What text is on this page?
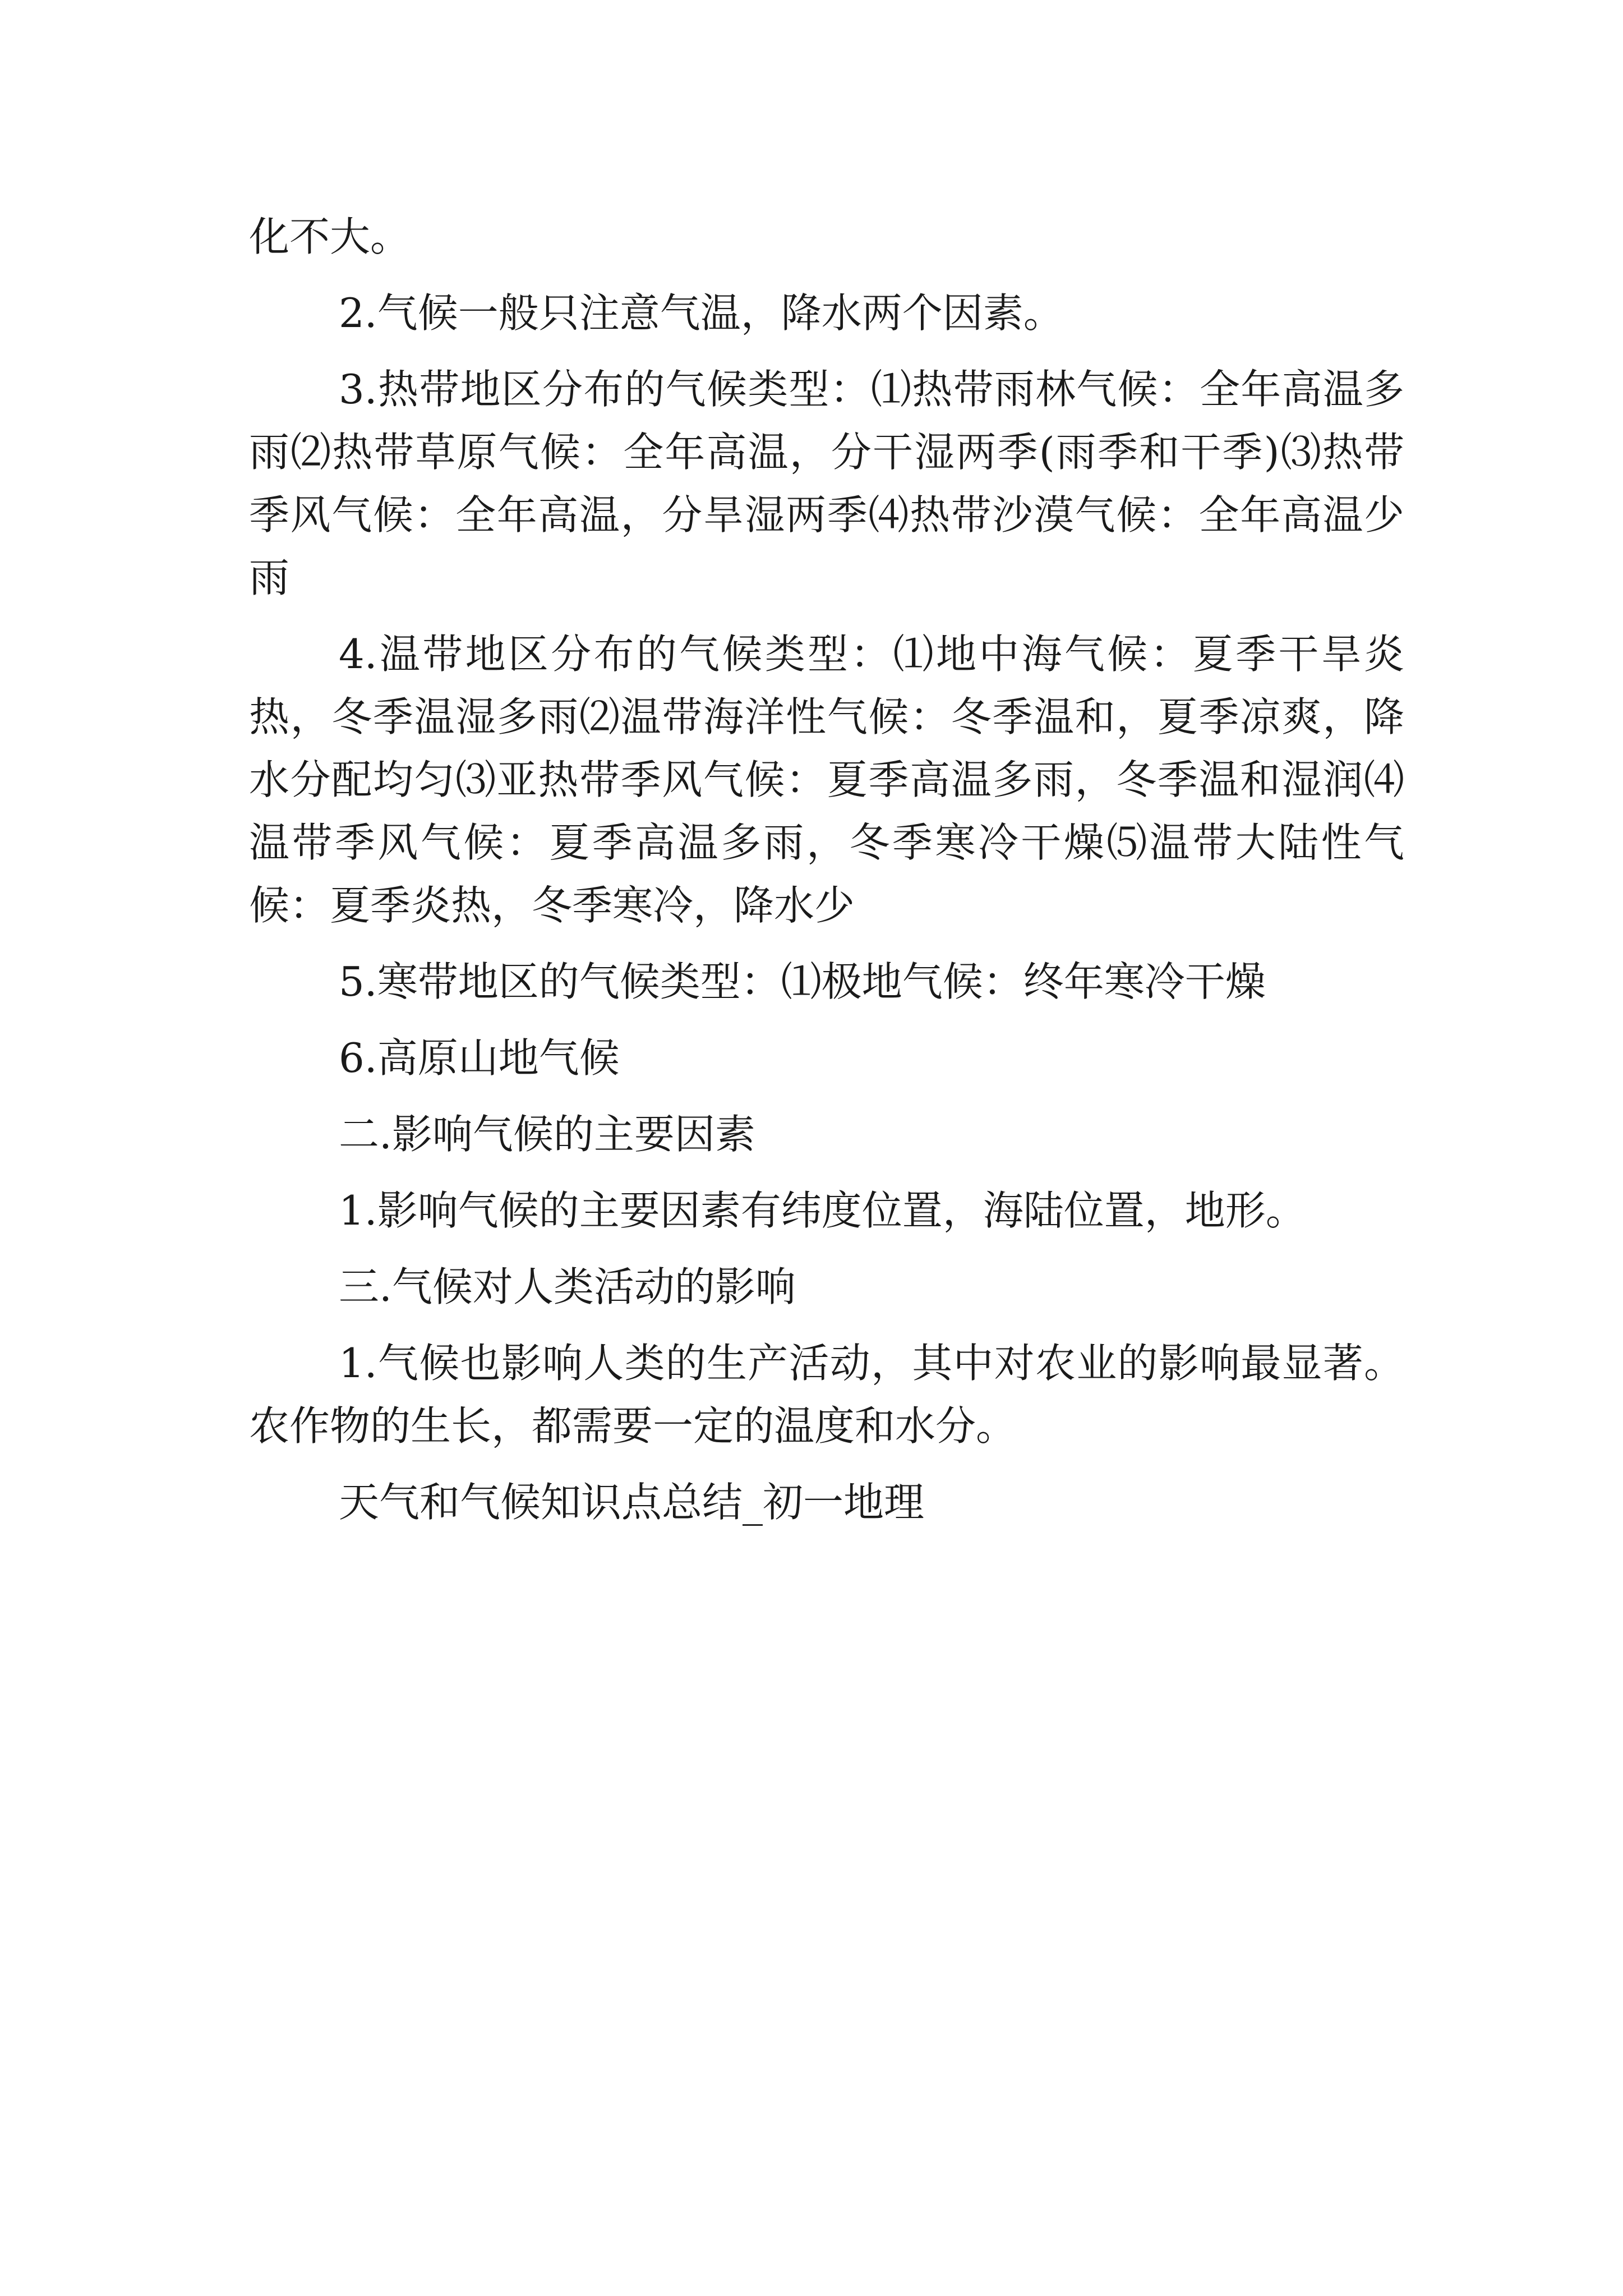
化不大。

2.气候一般只注意气温，降水两个因素。

3.热带地区分布的气候类型：⑴热带雨林气候：全年高温多雨⑵热带草原气候：全年高温，分干湿两季(雨季和干季)⑶热带季风气候：全年高温，分旱湿两季⑷热带沙漠气候：全年高温少雨

4.温带地区分布的气候类型：⑴地中海气候：夏季干旱炎热，冬季温湿多雨⑵温带海洋性气候：冬季温和，夏季凉爽，降水分配均匀⑶亚热带季风气候：夏季高温多雨，冬季温和湿润⑷温带季风气候：夏季高温多雨，冬季寒冷干燥⑸温带大陆性气候：夏季炎热，冬季寒冷，降水少

5.寒带地区的气候类型：⑴极地气候：终年寒冷干燥

6.高原山地气候

二.影响气候的主要因素

1.影响气候的主要因素有纬度位置，海陆位置，地形。

三.气候对人类活动的影响

1.气候也影响人类的生产活动，其中对农业的影响最显著。农作物的生长，都需要一定的温度和水分。

天气和气候知识点总结_初一地理
